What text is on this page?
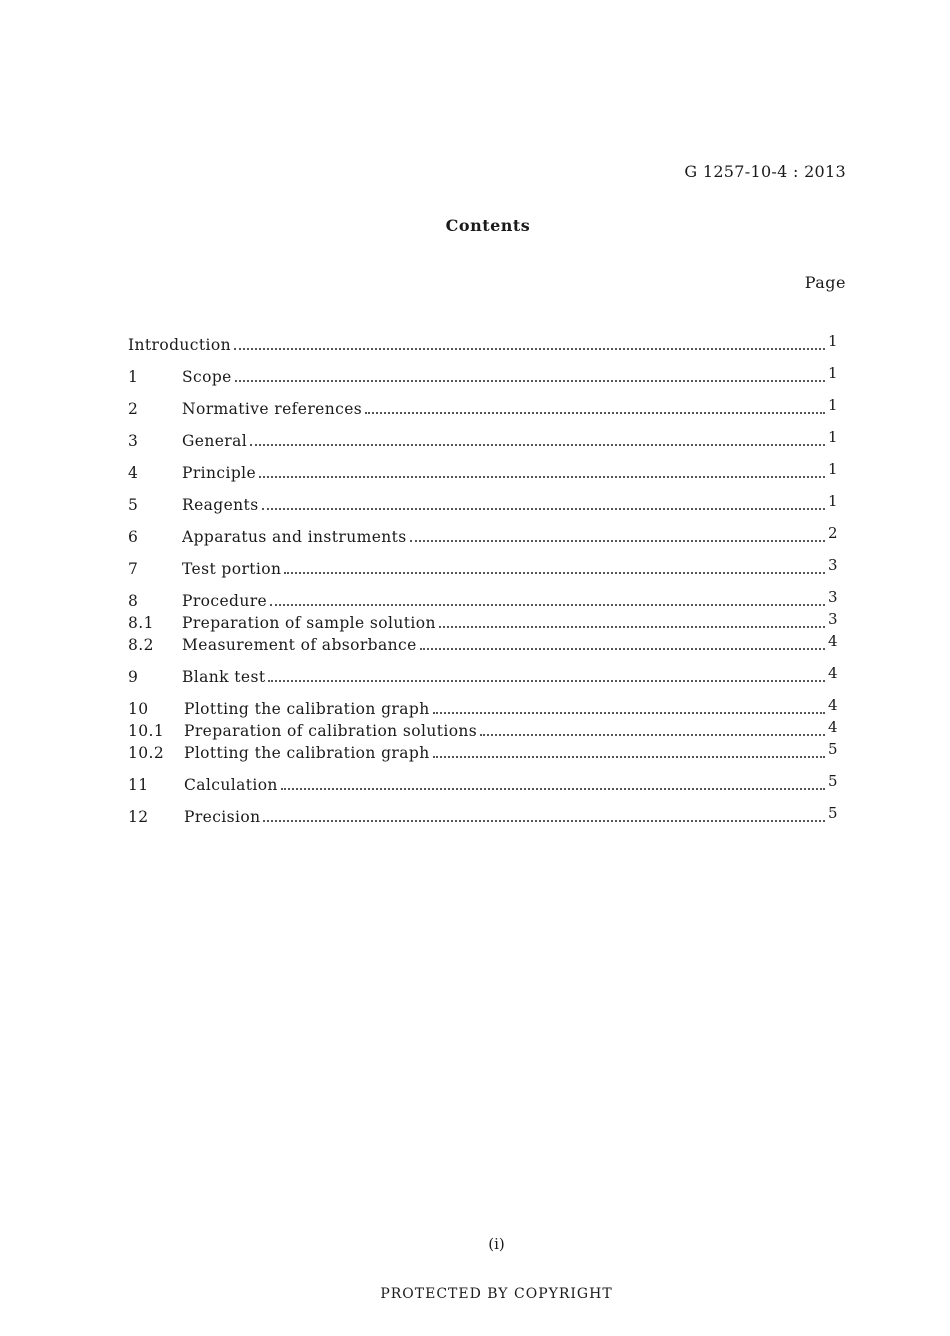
G 1257-10-4 : 2013
Contents
Page
Introduction	1
1	Scope	1
2	Normative references	1
3	General	1
4	Principle	1
5	Reagents	1
6	Apparatus and instruments	2
7	Test portion	3
8	Procedure	3
8.1	Preparation of sample solution	3
8.2	Measurement of absorbance	4
9	Blank test	4
10	Plotting the calibration graph	4
10.1	Preparation of calibration solutions	4
10.2	Plotting the calibration graph	5
11	Calculation	5
12	Precision	5
(i)
PROTECTED BY COPYRIGHT
